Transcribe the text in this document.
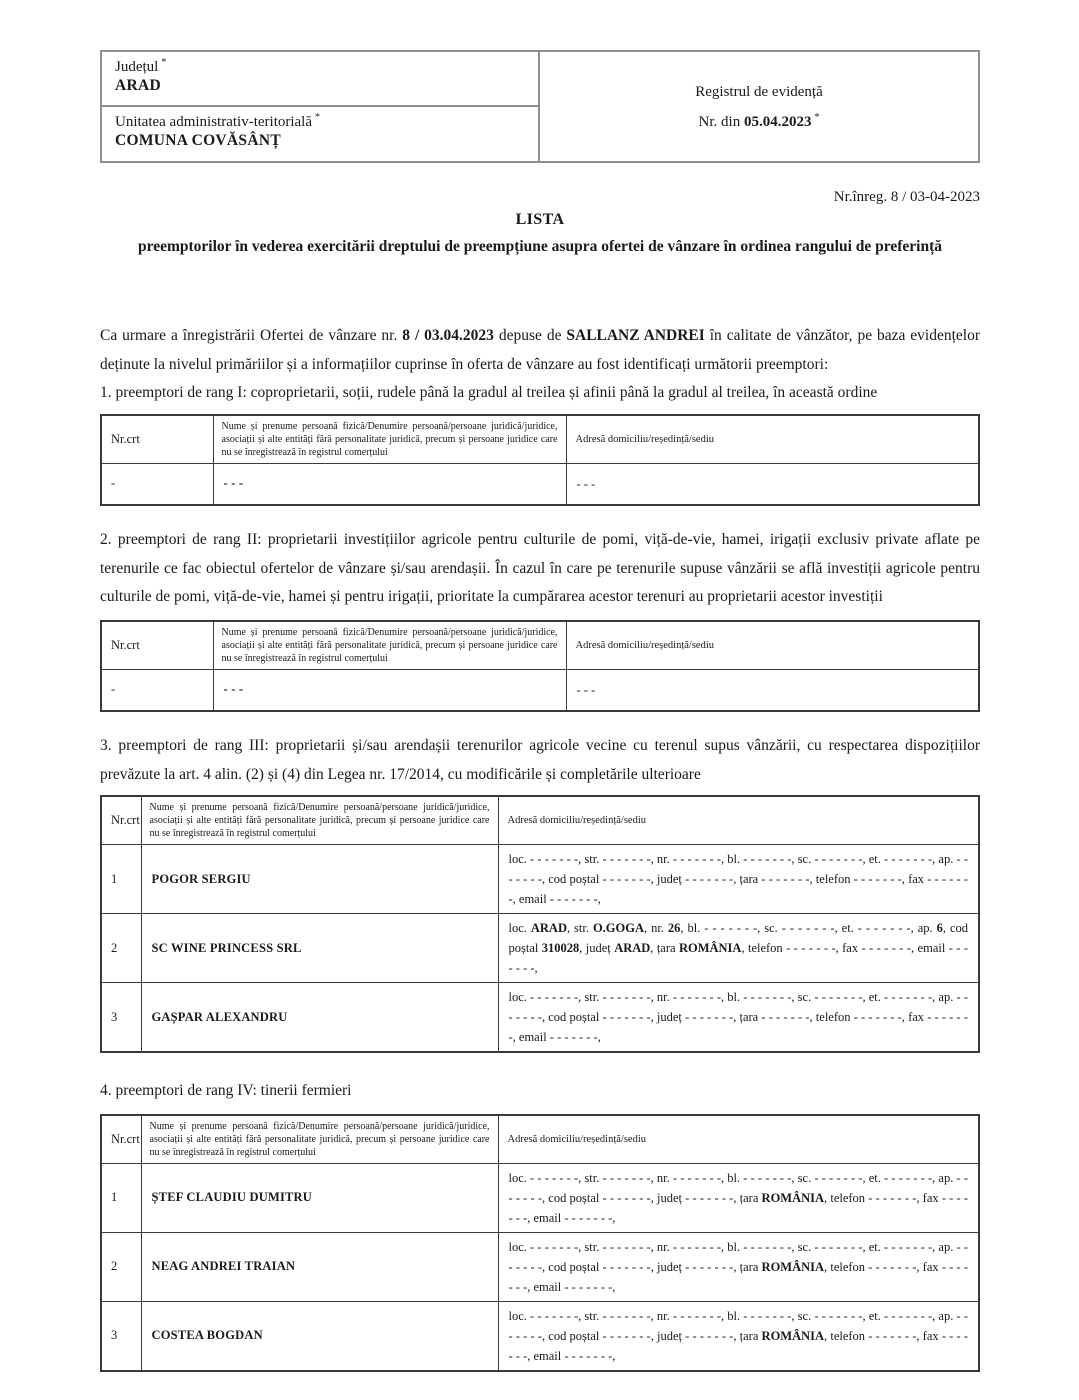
Județul *
ARAD
Unitatea administrativ-teritorială *
COMUNA COVĂSÂNȚ
Registrul de evidență
Nr. din 05.04.2023 *
Nr.înreg. 8 / 03-04-2023
LISTA
preemptorilor în vederea exercitării dreptului de preempțiune asupra ofertei de vânzare în ordinea rangului de preferință

Ca urmare a înregistrării Ofertei de vânzare nr. 8 / 03.04.2023 depuse de SALLANZ ANDREI în calitate de vânzător, pe baza evidențelor deținute la nivelul primăriilor și a informațiilor cuprinse în oferta de vânzare au fost identificați următorii preemptori:

1. preemptori de rang I: coproprietarii, soții, rudele până la gradul al treilea și afinii până la gradul al treilea, în această ordine

Nr.crt	Nume și prenume persoană fizică/Denumire persoană/persoane juridică/juridice, asociații și alte entități fără personalitate juridică, precum și persoane juridice care nu se înregistrează în registrul comerțului	Adresă domiciliu/reședință/sediu
-	- - -	- - -

2. preemptori de rang II: proprietarii investițiilor agricole pentru culturile de pomi, viță-de-vie, hamei, irigații exclusiv private aflate pe terenurile ce fac obiectul ofertelor de vânzare și/sau arendașii. În cazul în care pe terenurile supuse vânzării se află investiții agricole pentru culturile de pomi, viță-de-vie, hamei și pentru irigații, prioritate la cumpărarea acestor terenuri au proprietarii acestor investiții

Nr.crt	Nume și prenume persoană fizică/Denumire persoană/persoane juridică/juridice, asociații și alte entități fără personalitate juridică, precum și persoane juridice care nu se înregistrează în registrul comerțului	Adresă domiciliu/reședință/sediu
-	- - -	- - -

3. preemptori de rang III: proprietarii și/sau arendașii terenurilor agricole vecine cu terenul supus vânzării, cu respectarea dispozițiilor prevăzute la art. 4 alin. (2) și (4) din Legea nr. 17/2014, cu modificările și completările ulterioare

Nr.crt	Nume și prenume persoană fizică/Denumire persoană/persoane juridică/juridice, asociații și alte entități fără personalitate juridică, precum și persoane juridice care nu se înregistrează în registrul comerțului	Adresă domiciliu/reședință/sediu
1	POGOR SERGIU	loc. - - - - - - -, str. - - - - - - -, nr. - - - - - - -, bl. - - - - - - -, sc. - - - - - - -, et. - - - - - - -, ap. - - - - - - -, cod poștal - - - - - - -, județ - - - - - - -, țara - - - - - - -, telefon - - - - - - -, fax - - - - - - -, email - - - - - - -,
2	SC WINE PRINCESS SRL	loc. ARAD, str. O.GOGA, nr. 26, bl. - - - - - - -, sc. - - - - - - -, et. - - - - - - -, ap. 6, cod poștal 310028, județ ARAD, țara ROMÂNIA, telefon - - - - - - -, fax - - - - - - -, email - - - - - - -,
3	GAȘPAR ALEXANDRU	loc. - - - - - - -, str. - - - - - - -, nr. - - - - - - -, bl. - - - - - - -, sc. - - - - - - -, et. - - - - - - -, ap. - - - - - - -, cod poștal - - - - - - -, județ - - - - - - -, țara - - - - - - -, telefon - - - - - - -, fax - - - - - - -, email - - - - - - -,

4. preemptori de rang IV: tinerii fermieri

Nr.crt	Nume și prenume persoană fizică/Denumire persoană/persoane juridică/juridice, asociații și alte entități fără personalitate juridică, precum și persoane juridice care nu se înregistrează în registrul comerțului	Adresă domiciliu/reședință/sediu
1	ȘTEF CLAUDIU DUMITRU	loc. - - - - - - -, str. - - - - - - -, nr. - - - - - - -, bl. - - - - - - -, sc. - - - - - - -, et. - - - - - - -, ap. - - - - - - -, cod poștal - - - - - - -, județ - - - - - - -, țara ROMÂNIA, telefon - - - - - - -, fax - - - - - - -, email - - - - - - -,
2	NEAG ANDREI TRAIAN	loc. - - - - - - -, str. - - - - - - -, nr. - - - - - - -, bl. - - - - - - -, sc. - - - - - - -, et. - - - - - - -, ap. - - - - - - -, cod poștal - - - - - - -, județ - - - - - - -, țara ROMÂNIA, telefon - - - - - - -, fax - - - - - - -, email - - - - - - -,
3	COSTEA BOGDAN	loc. - - - - - - -, str. - - - - - - -, nr. - - - - - - -, bl. - - - - - - -, sc. - - - - - - -, et. - - - - - - -, ap. - - - - - - -, cod poștal - - - - - - -, județ - - - - - - -, țara ROMÂNIA, telefon - - - - - - -, fax - - - - - - -, email - - - - - - -,
